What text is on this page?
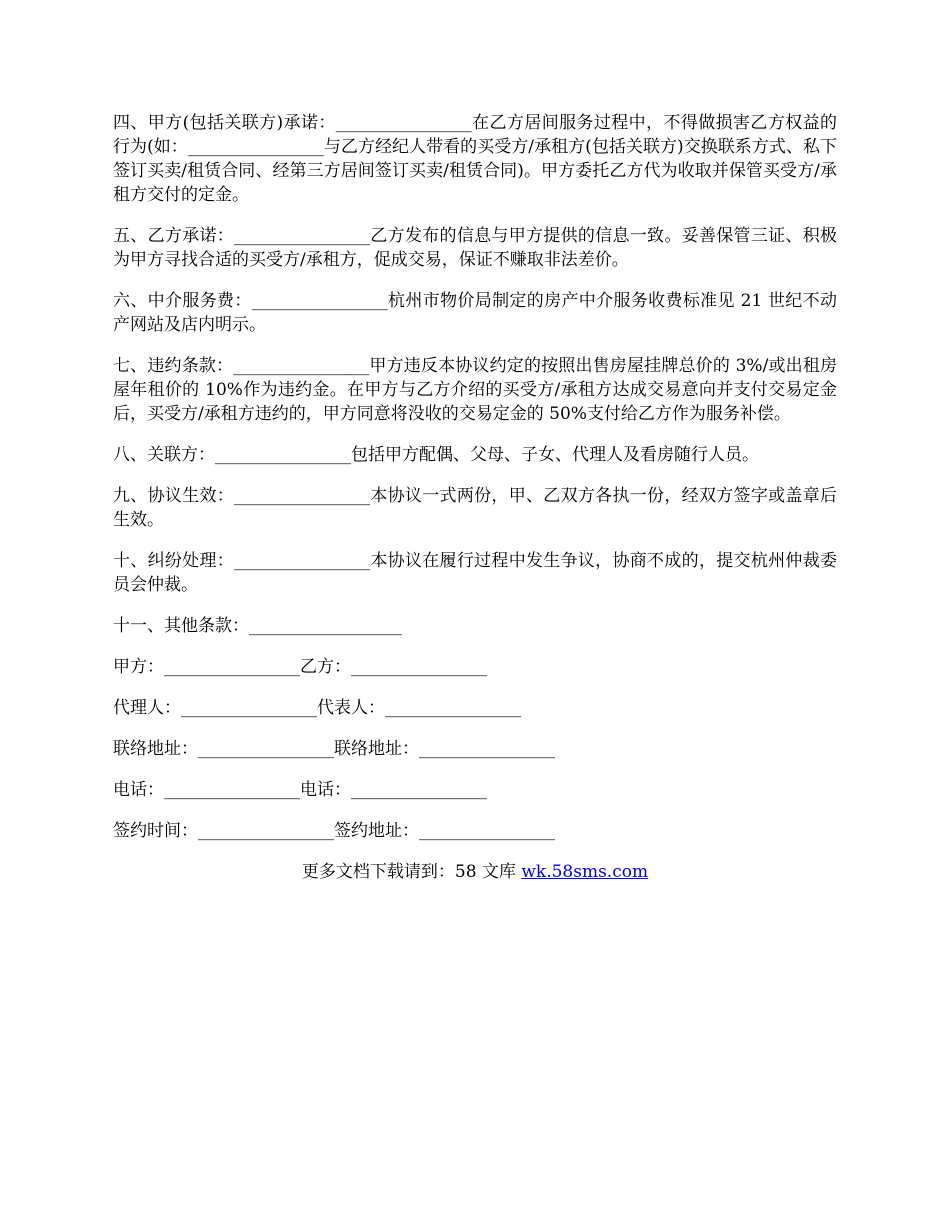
四、甲方(包括关联方)承诺：________________在乙方居间服务过程中，不得做损害乙方权益的行为(如：________________与乙方经纪人带看的买受方/承租方(包括关联方)交换联系方式、私下签订买卖/租赁合同、经第三方居间签订买卖/租赁合同)。甲方委托乙方代为收取并保管买受方/承租方交付的定金。

五、乙方承诺：________________乙方发布的信息与甲方提供的信息一致。妥善保管三证、积极为甲方寻找合适的买受方/承租方，促成交易，保证不赚取非法差价。

六、中介服务费：________________杭州市物价局制定的房产中介服务收费标准见 21 世纪不动产网站及店内明示。

七、违约条款：________________甲方违反本协议约定的按照出售房屋挂牌总价的 3%/或出租房屋年租价的 10%作为违约金。在甲方与乙方介绍的买受方/承租方达成交易意向并支付交易定金后，买受方/承租方违约的，甲方同意将没收的交易定金的 50%支付给乙方作为服务补偿。

八、关联方：________________包括甲方配偶、父母、子女、代理人及看房随行人员。

九、协议生效：________________本协议一式两份，甲、乙双方各执一份，经双方签字或盖章后生效。

十、纠纷处理：________________本协议在履行过程中发生争议，协商不成的，提交杭州仲裁委员会仲裁。

十一、其他条款：__________________

甲方：________________乙方：________________

代理人：________________代表人：________________

联络地址：________________联络地址：________________

电话：________________电话：________________

签约时间：________________签约地址：________________

更多文档下载请到：58 文库 wk.58sms.com
